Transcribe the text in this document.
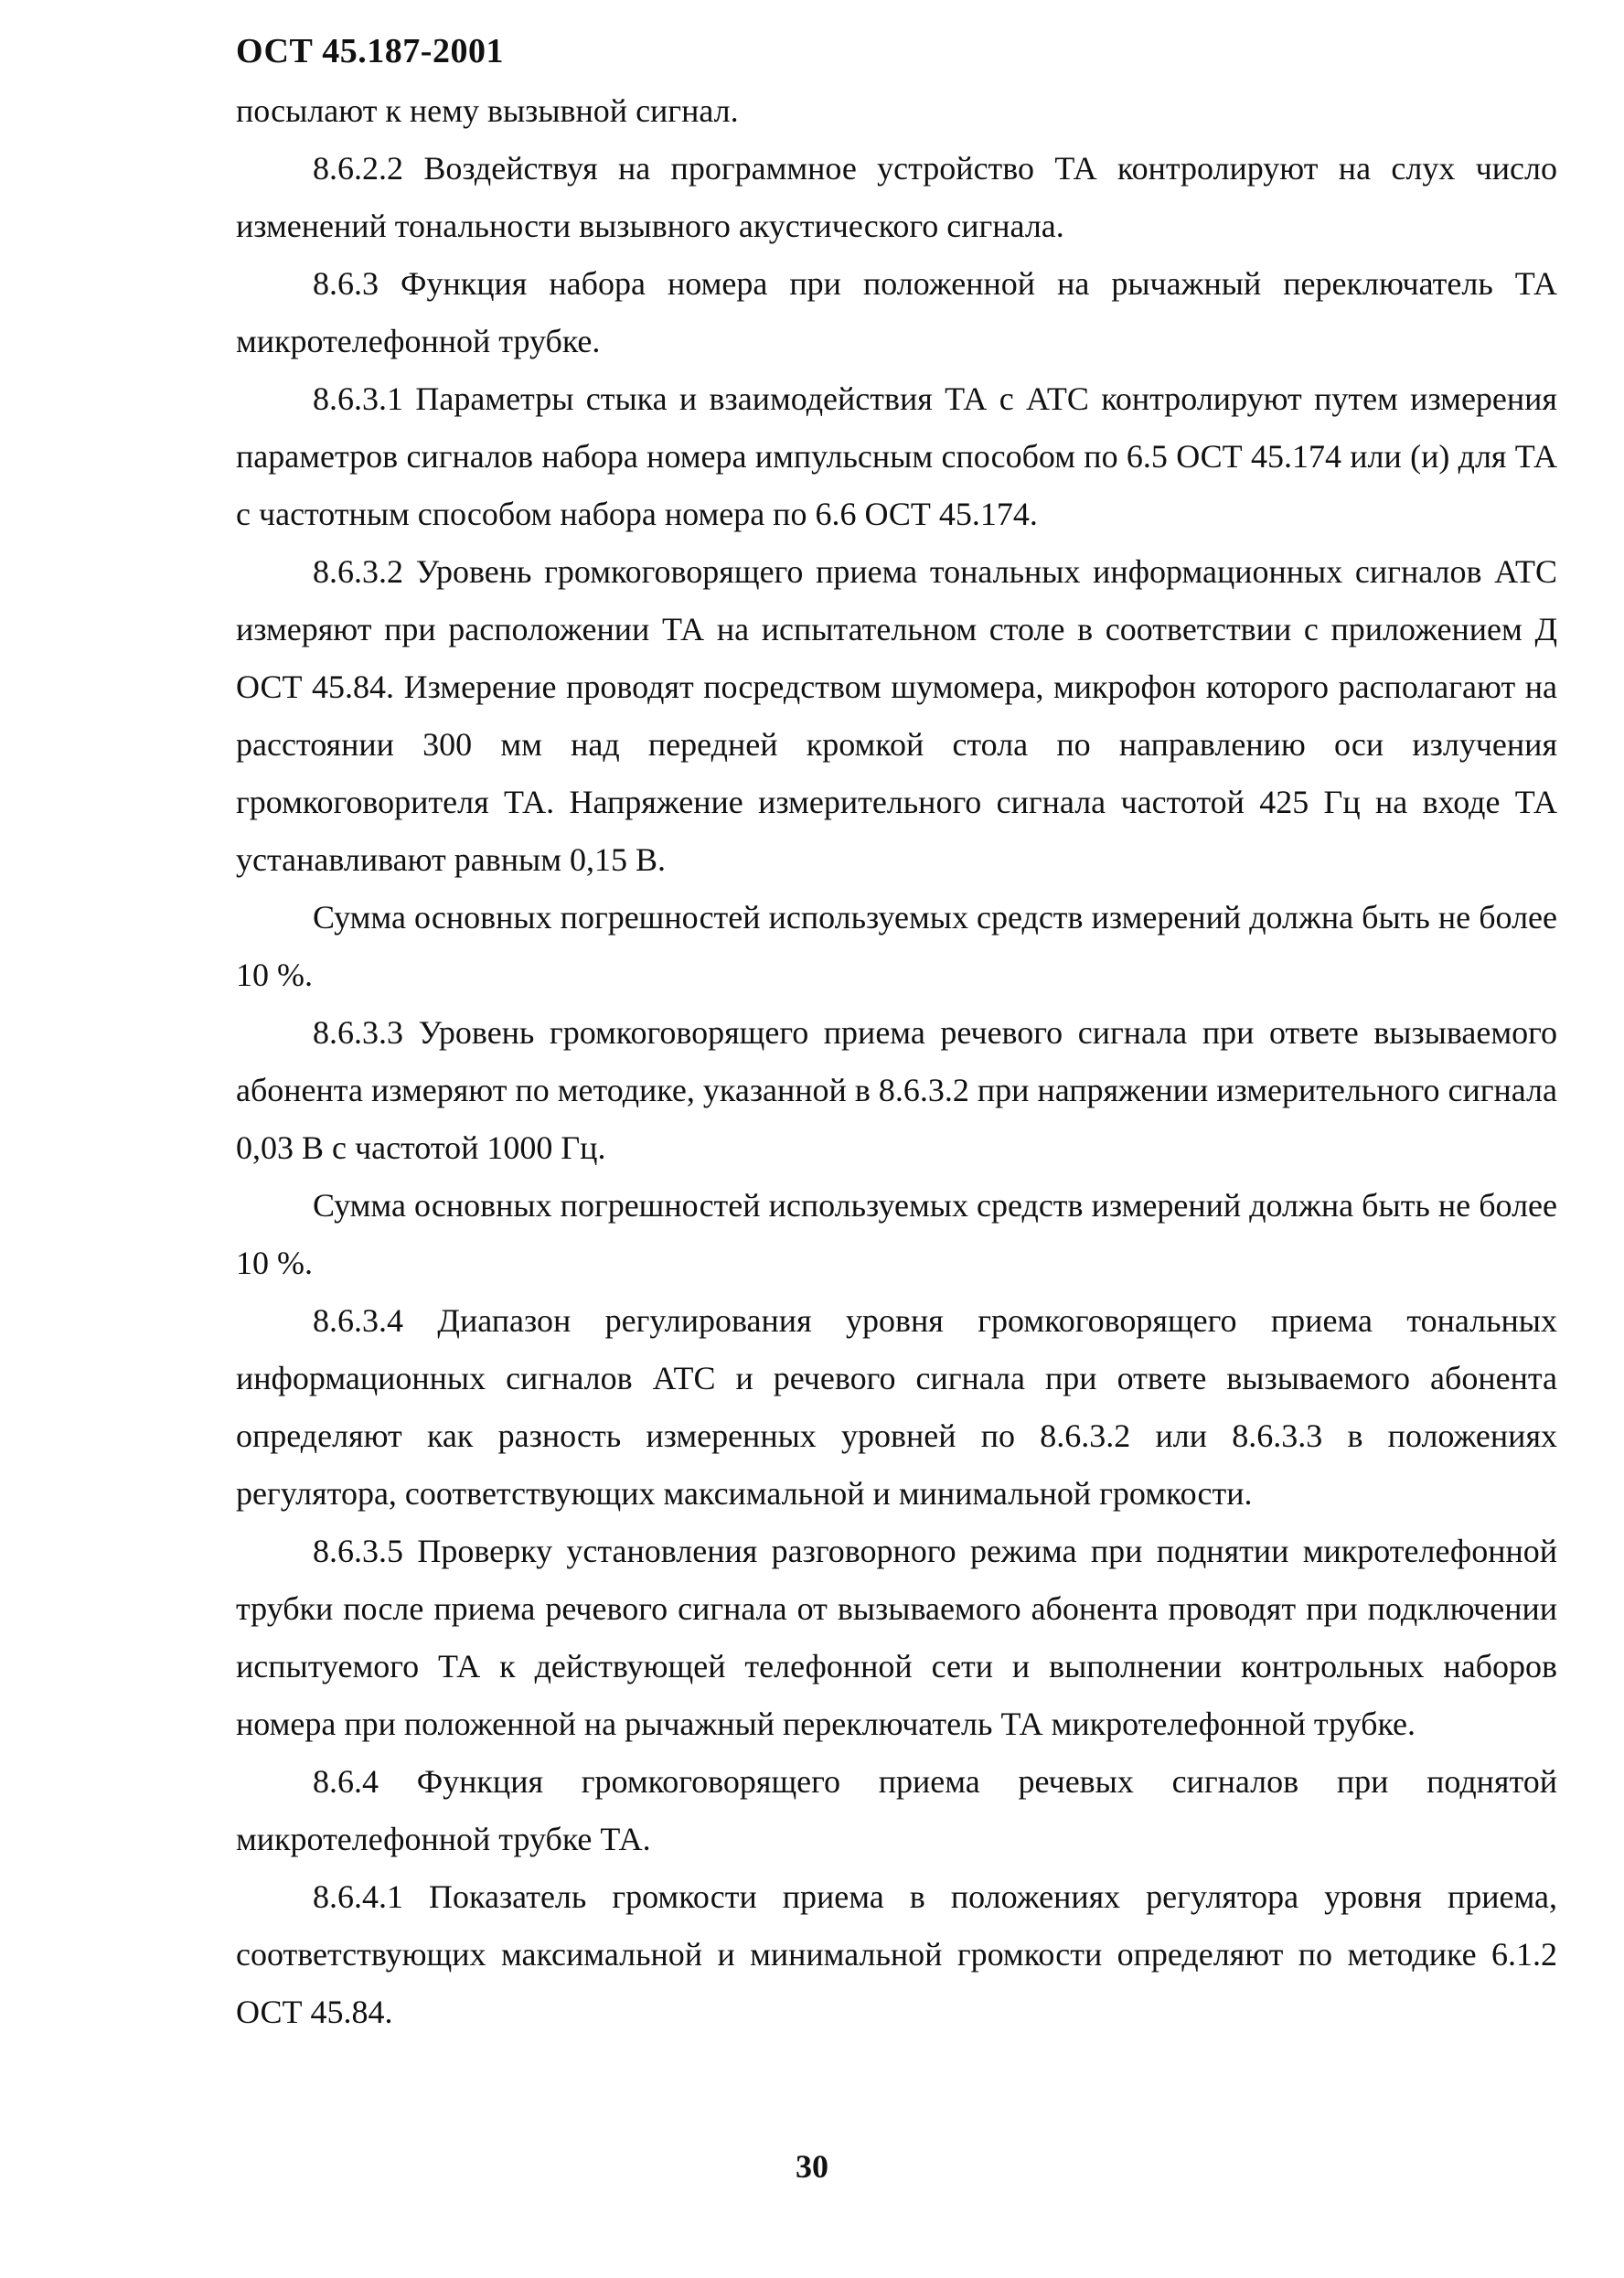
ОСТ 45.187-2001

посылают к нему вызывной сигнал.

8.6.2.2 Воздействуя на программное устройство ТА контролируют на слух число изменений тональности вызывного акустического сигнала.

8.6.3 Функция набора номера при положенной на рычажный переключатель ТА микротелефонной трубке.

8.6.3.1 Параметры стыка и взаимодействия ТА с АТС контролируют путем измерения параметров сигналов набора номера импульсным способом по 6.5 ОСТ 45.174 или (и) для ТА с частотным способом набора номера по 6.6 ОСТ 45.174.

8.6.3.2 Уровень громкоговорящего приема тональных информационных сигналов АТС измеряют при расположении ТА на испытательном столе в соответствии с приложением Д ОСТ 45.84. Измерение проводят посредством шумомера, микрофон которого располагают на расстоянии 300 мм над передней кромкой стола по направлению оси излучения громкоговорителя ТА. Напряжение измерительного сигнала частотой 425 Гц на входе ТА устанавливают равным 0,15 В.

Сумма основных погрешностей используемых средств измерений должна быть не более 10 %.

8.6.3.3 Уровень громкоговорящего приема речевого сигнала при ответе вызываемого абонента измеряют по методике, указанной в 8.6.3.2 при напряжении измерительного сигнала 0,03 В с частотой 1000 Гц.

Сумма основных погрешностей используемых средств измерений должна быть не более 10 %.

8.6.3.4 Диапазон регулирования уровня громкоговорящего приема тональных информационных сигналов АТС и речевого сигнала при ответе вызываемого абонента определяют как разность измеренных уровней по 8.6.3.2 или 8.6.3.3 в положениях регулятора, соответствующих максимальной и минимальной громкости.

8.6.3.5 Проверку установления разговорного режима при поднятии микротелефонной трубки после приема речевого сигнала от вызываемого абонента проводят при подключении испытуемого ТА к действующей телефонной сети и выполнении контрольных наборов номера при положенной на рычажный переключатель ТА микротелефонной трубке.

8.6.4 Функция громкоговорящего приема речевых сигналов при поднятой микротелефонной трубке ТА.

8.6.4.1 Показатель громкости приема в положениях регулятора уровня приема, соответствующих максимальной и минимальной громкости определяют по методике 6.1.2 ОСТ 45.84.

30
